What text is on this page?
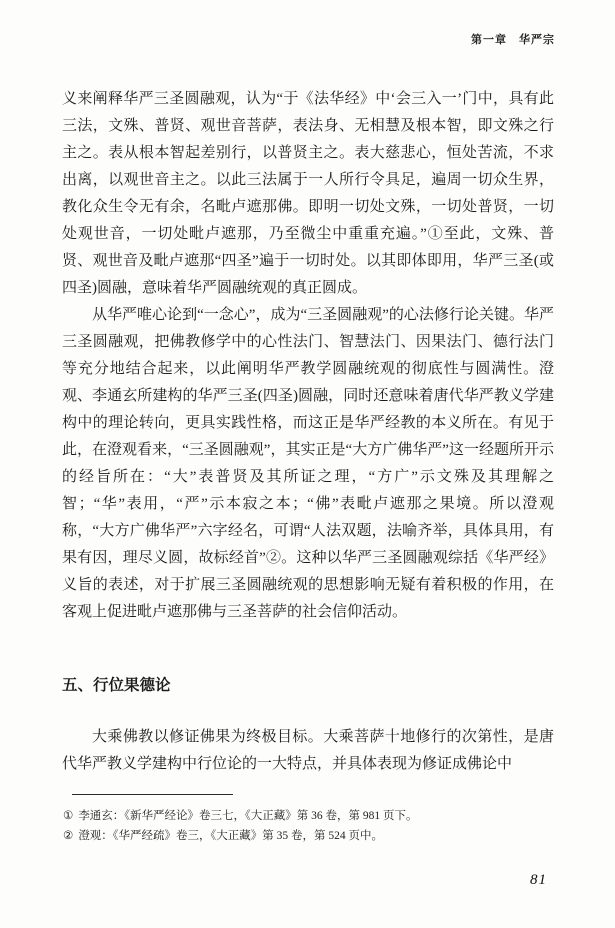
第一章　华严宗

义来阐释华严三圣圆融观，认为“于《法华经》中‘会三入一’门中，具有此三法，文殊、普贤、观世音菩萨，表法身、无相慧及根本智，即文殊之行主之。表从根本智起差别行，以普贤主之。表大慈悲心，恒处苦流，不求出离，以观世音主之。以此三法属于一人所行令具足，遍周一切众生界，教化众生令无有余，名毗卢遮那佛。即明一切处文殊，一切处普贤，一切处观世音，一切处毗卢遮那，乃至微尘中重重充遍。”①至此，文殊、普贤、观世音及毗卢遮那“四圣”遍于一切时处。以其即体即用，华严三圣(或四圣)圆融，意味着华严圆融统观的真正圆成。

从华严唯心论到“一念心”，成为“三圣圆融观”的心法修行论关键。华严三圣圆融观，把佛教修学中的心性法门、智慧法门、因果法门、德行法门等充分地结合起来，以此阐明华严教学圆融统观的彻底性与圆满性。澄观、李通玄所建构的华严三圣(四圣)圆融，同时还意味着唐代华严教义学建构中的理论转向，更具实践性格，而这正是华严经教的本义所在。有见于此，在澄观看来，“三圣圆融观”，其实正是“大方广佛华严”这一经题所开示的经旨所在：“大”表普贤及其所证之理，“方广”示文殊及其理解之智；“华”表用，“严”示本寂之本；“佛”表毗卢遮那之果境。所以澄观称，“大方广佛华严”六字经名，可谓“人法双题，法喻齐举，具体具用，有果有因，理尽义圆，故标经首”②。这种以华严三圣圆融观综括《华严经》义旨的表述，对于扩展三圣圆融统观的思想影响无疑有着积极的作用，在客观上促进毗卢遮那佛与三圣菩萨的社会信仰活动。

五、行位果德论

大乘佛教以修证佛果为终极目标。大乘菩萨十地修行的次第性，是唐代华严教义学建构中行位论的一大特点，并具体表现为修证成佛论中

① 李通玄：《新华严经论》卷三七，《大正藏》第 36 卷，第 981 页下。

② 澄观：《华严经疏》卷三，《大正藏》第 35 卷，第 524 页中。

81
